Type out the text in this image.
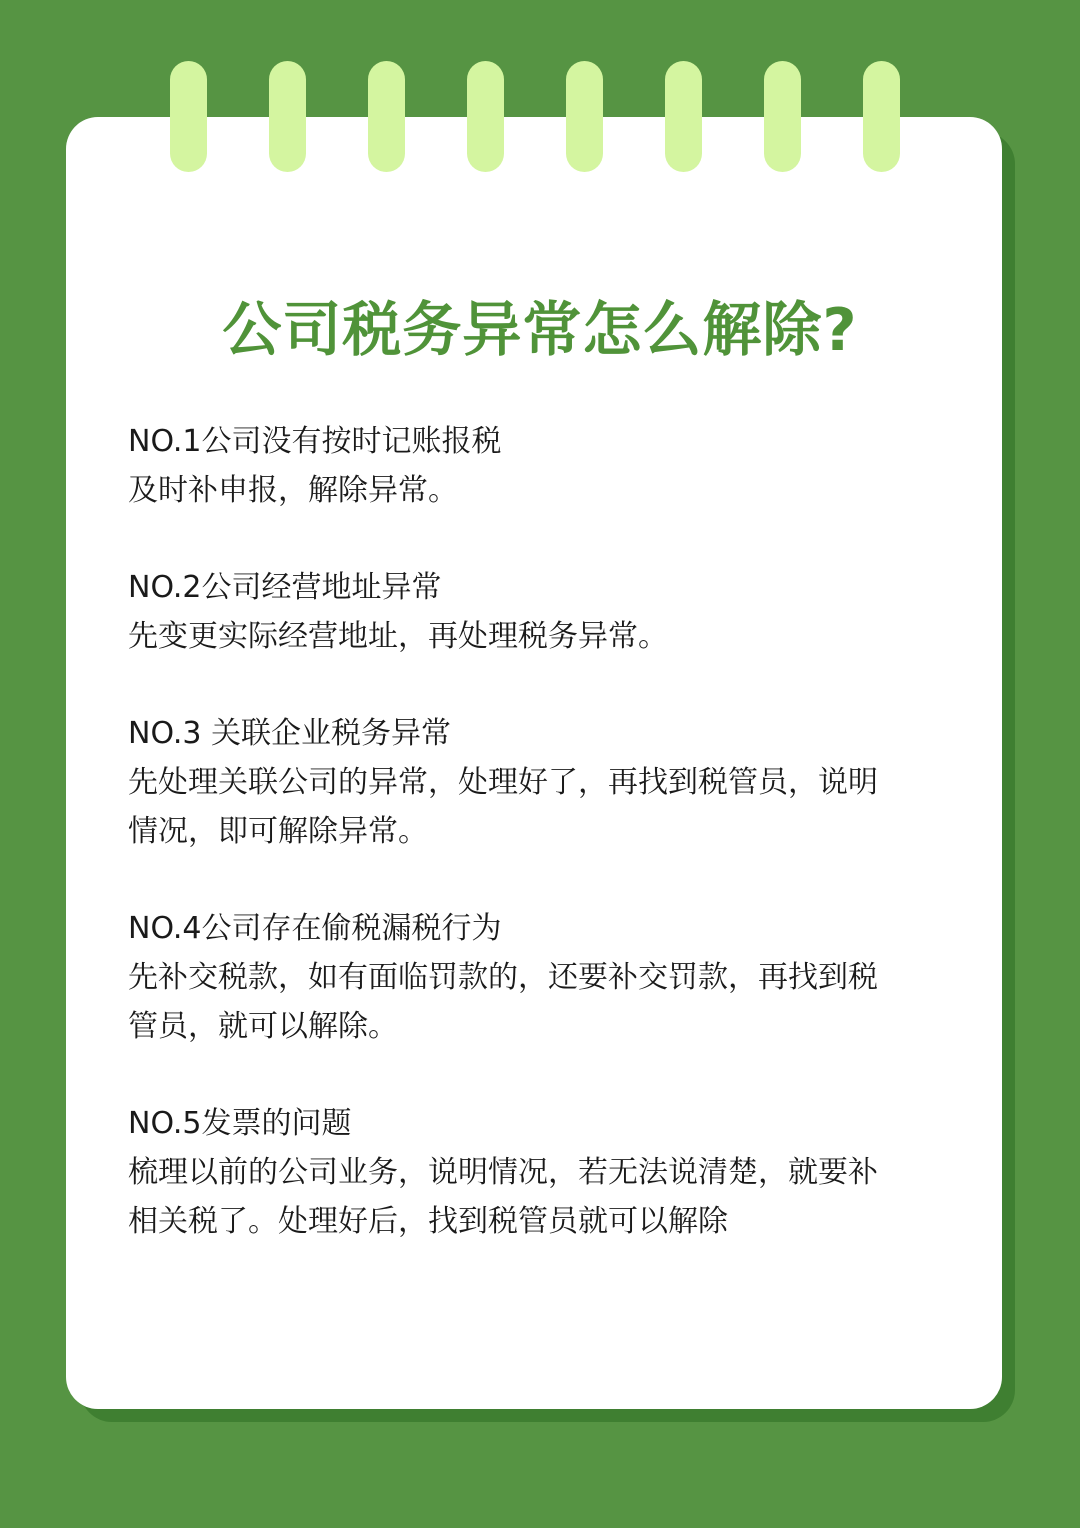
公司税务异常怎么解除?

NO.1公司没有按时记账报税

及时补申报，解除异常。

NO.2公司经营地址异常

先变更实际经营地址，再处理税务异常。

NO.3 关联企业税务异常

先处理关联公司的异常，处理好了，再找到税管员，说明
情况，即可解除异常。

NO.4公司存在偷税漏税行为

先补交税款，如有面临罚款的，还要补交罚款，再找到税
管员，就可以解除。

NO.5发票的问题

梳理以前的公司业务，说明情况，若无法说清楚，就要补
相关税了。处理好后，找到税管员就可以解除
